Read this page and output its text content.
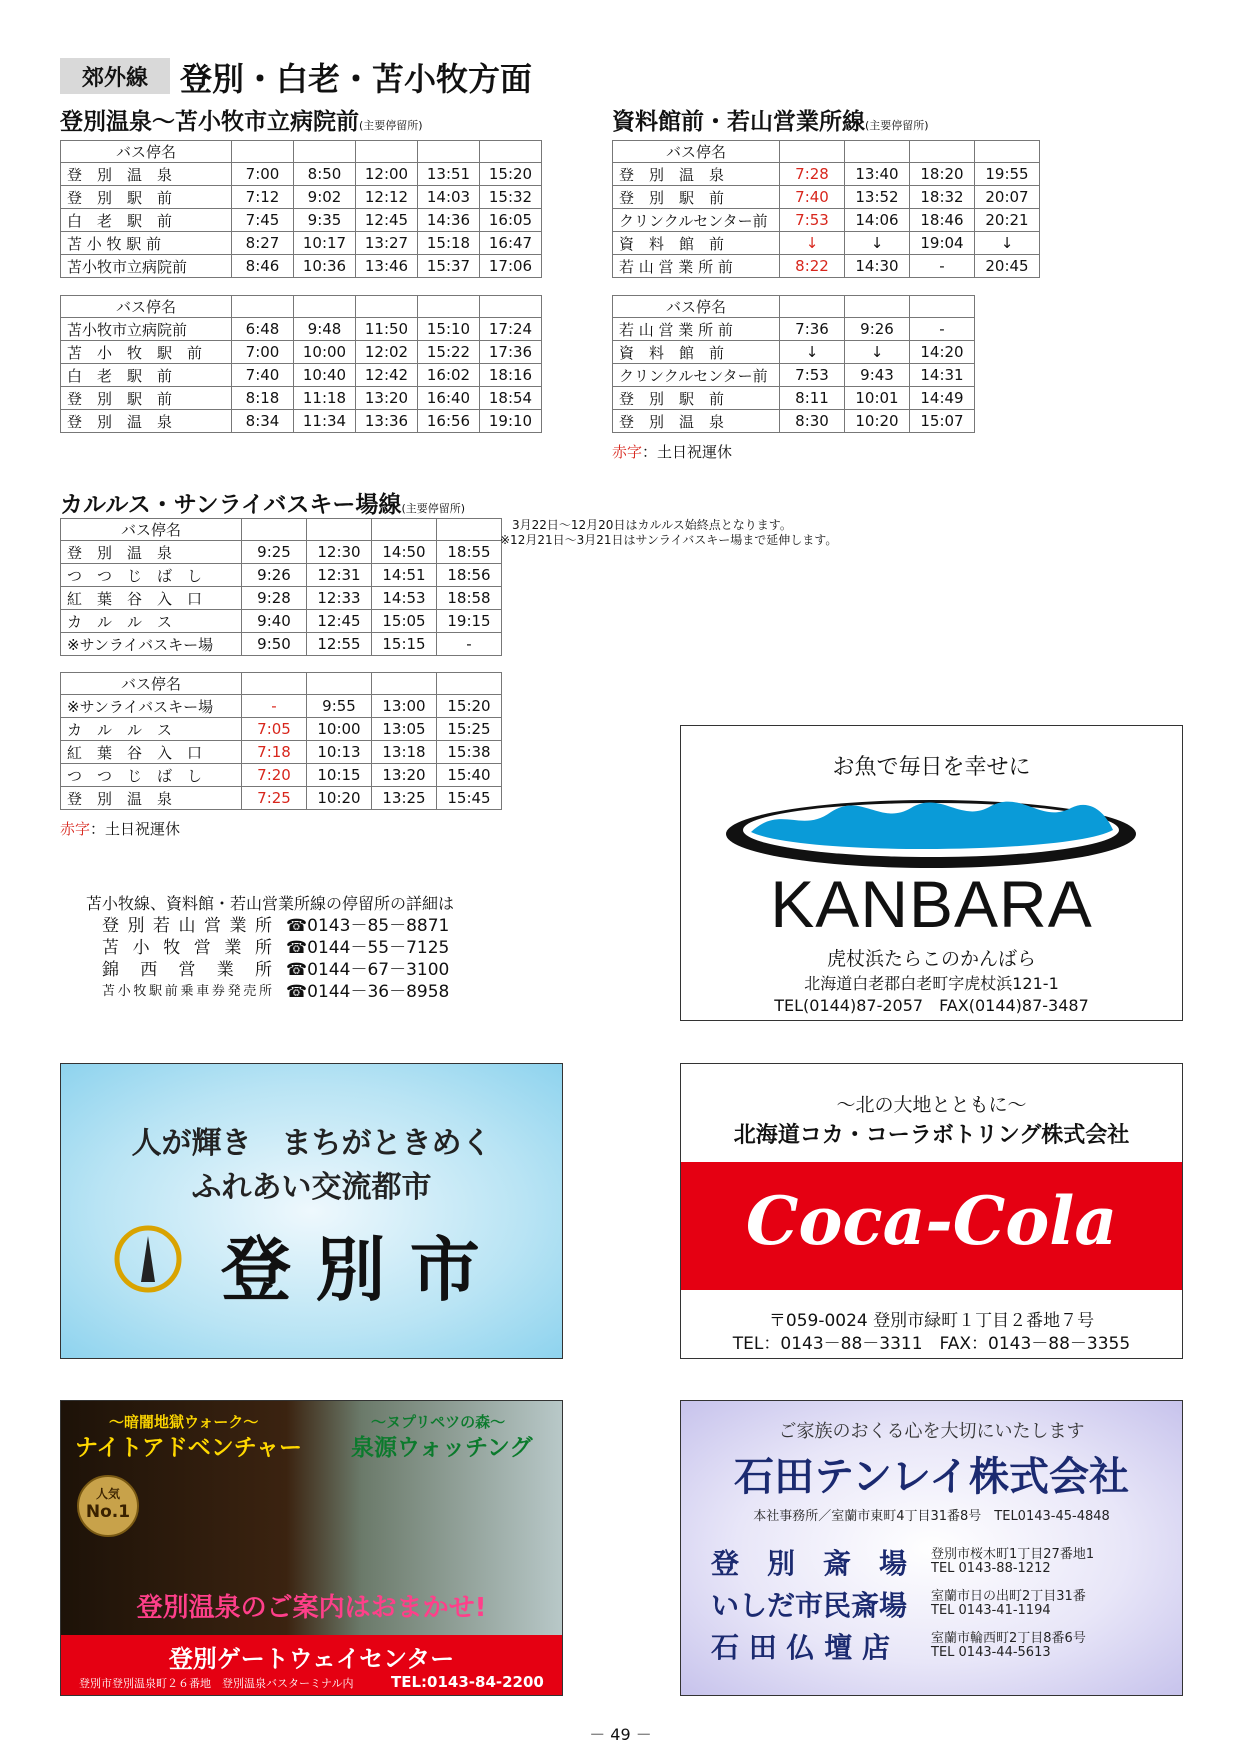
郊外線	登別・白老・苫小牧方面
登別温泉～苫小牧市立病院前(主要停留所)	資料館前・若山営業所線(主要停留所)
カルルス・サンライバスキー場線(主要停留所)
バス停名					
登　別　温　泉	7:00	8:50	12:00	13:51	15:20
登　別　駅　前	7:12	9:02	12:12	14:03	15:32
白　老　駅　前	7:45	9:35	12:45	14:36	16:05
苫 小 牧 駅 前	8:27	10:17	13:27	15:18	16:47
苫小牧市立病院前	8:46	10:36	13:46	15:37	17:06
バス停名					
苫小牧市立病院前	6:48	9:48	11:50	15:10	17:24
苫　小　牧　駅　前	7:00	10:00	12:02	15:22	17:36
白　老　駅　前	7:40	10:40	12:42	16:02	18:16
登　別　駅　前	8:18	11:18	13:20	16:40	18:54
登　別　温　泉	8:34	11:34	13:36	16:56	19:10
バス停名				
登　別　温　泉	7:28	13:40	18:20	19:55
登　別　駅　前	7:40	13:52	18:32	20:07
クリンクルセンター前	7:53	14:06	18:46	20:21
資　料　館　前	↓	↓	19:04	↓
若 山 営 業 所 前	8:22	14:30	-	20:45
バス停名			
若 山 営 業 所 前	7:36	9:26	-
資　料　館　前	↓	↓	14:20
クリンクルセンター前	7:53	9:43	14:31
登　別　駅　前	8:11	10:01	14:49
登　別　温　泉	8:30	10:20	15:07
バス停名				
登　別　温　泉	9:25	12:30	14:50	18:55
つ　つ　じ　ば　し	9:26	12:31	14:51	18:56
紅　葉　谷　入　口	9:28	12:33	14:53	18:58
カ　ル　ル　ス	9:40	12:45	15:05	19:15
※サンライバスキー場	9:50	12:55	15:15	-
バス停名				
※サンライバスキー場	-	9:55	13:00	15:20
カ　ル　ル　ス	7:05	10:00	13:05	15:25
紅　葉　谷　入　口	7:18	10:13	13:18	15:38
つ　つ　じ　ば　し	7:20	10:15	13:20	15:40
登　別　温　泉	7:25	10:20	13:25	15:45
赤字：土日祝運休
赤字：土日祝運休
3月22日～12月20日はカルルス始終点となります。
※12月21日～3月21日はサンライバスキー場まで延伸します。
苫小牧線、資料館・若山営業所線の停留所の詳細は
登別若山営業所 ☎0143－85－8871
苫 小 牧 営 業 所 ☎0144－55－7125
錦 西 営 業 所 ☎0144－67－3100
苫小牧駅前乗車券発売所 ☎0144－36－8958
お魚で毎日を幸せに
KANBARA
虎杖浜たらこのかんばら
北海道白老郡白老町字虎杖浜121-1
TEL(0144)87-2057　FAX(0144)87-3487
人が輝き　まちがときめく
ふれあい交流都市
登 別 市
～北の大地とともに～
北海道コカ・コーラボトリング株式会社
Coca-Cola
〒059-0024 登別市緑町１丁目２番地７号
TEL：0143－88－3311　FAX：0143－88－3355
～暗闇地獄ウォーク～
ナイトアドベンチャー
～ヌプリペツの森～
泉源ウォッチング
人気
No.1
登別温泉のご案内はおまかせ!
登別ゲートウェイセンター
登別市登別温泉町２６番地　登別温泉バスターミナル内	TEL:0143-84-2200
ご家族のおくる心を大切にいたします
石田テンレイ株式会社
本社事務所／室蘭市東町4丁目31番8号　TEL0143-45-4848
登　別　斎　場	登別市桜木町1丁目27番地1
TEL 0143-88-1212
いしだ市民斎場	室蘭市日の出町2丁目31番
TEL 0143-41-1194
石 田 仏 壇 店	室蘭市輪西町2丁目8番6号
TEL 0143-44-5613
－ 49 －
